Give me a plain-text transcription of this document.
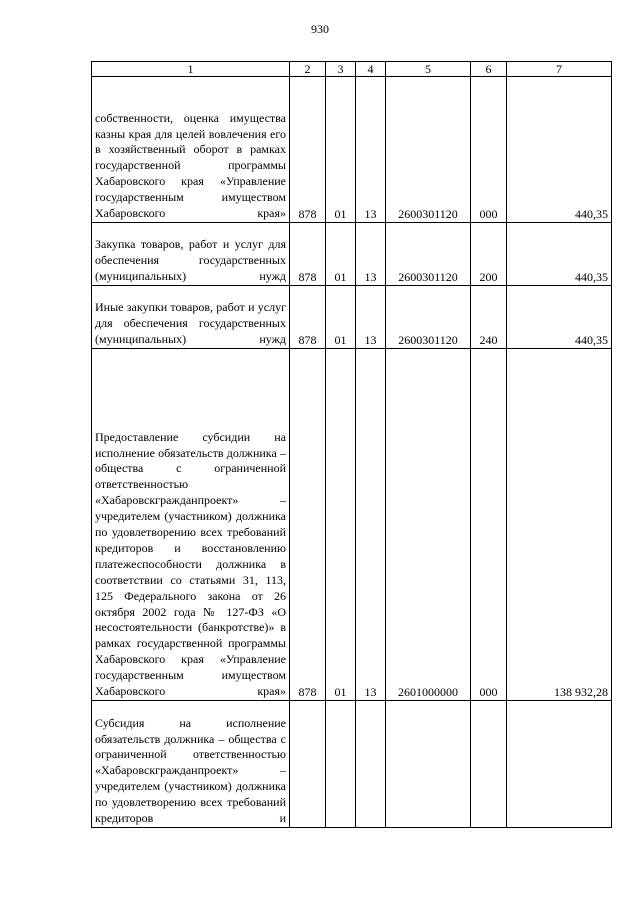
930
1	2	3	4	5	6	7
собственности, оценка имущества казны края для целей вовлечения его в хозяйственный оборот в рамках государственной программы Хабаровского края «Управление государственным имуществом Хабаровского края»	878	01	13	2600301120	000	440,35
Закупка товаров, работ и услуг для обеспечения государственных (муниципальных) нужд	878	01	13	2600301120	200	440,35
Иные закупки товаров, работ и услуг для обеспечения государственных (муниципальных) нужд	878	01	13	2600301120	240	440,35
Предоставление субсидии на исполнение обязательств должника – общества с ограниченной ответственностью «Хабаровскгражданпроект» – учредителем (участником) должника по удовлетворению всех требований кредиторов и восстановлению платежеспособности должника в соответствии со статьями 31, 113, 125 Федерального закона от 26 октября 2002 года № 127-ФЗ «О несостоятельности (банкротстве)» в рамках государственной программы Хабаровского края «Управление государственным имуществом Хабаровского края»	878	01	13	2601000000	000	138 932,28
Субсидия на исполнение обязательств должника – общества с ограниченной ответственностью «Хабаровскгражданпроект» – учредителем (участником) должника по удовлетворению всех требований кредиторов и						
